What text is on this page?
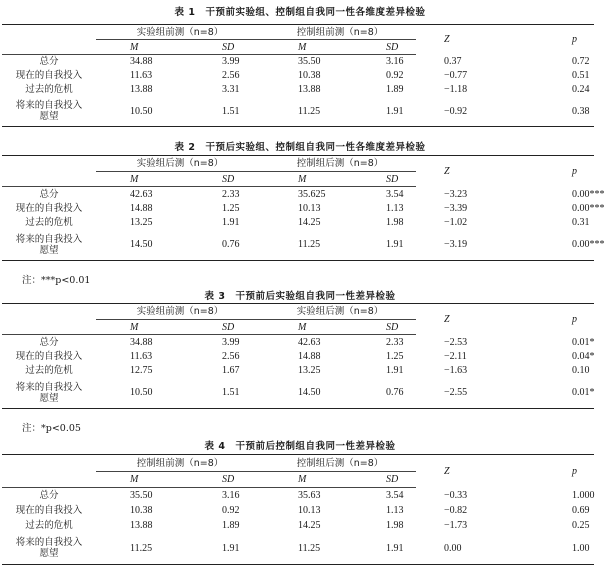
表 1　干预前实验组、控制组自我同一性各维度差异检验
	实验组前测（n=8）		控制组前测（n=8）		Z	p
	M	SD	M	SD		
总分	34.88	3.99	35.50	3.16	0.37	0.72
现在的自我投入	11.63	2.56	10.38	0.92	−0.77	0.51
过去的危机	13.88	3.31	13.88	1.89	−1.18	0.24
将来的自我投入
愿望	10.50	1.51	11.25	1.91	−0.92	0.38
表 2　干预后实验组、控制组自我同一性各维度差异检验
	实验组后测（n=8）		控制组后测（n=8）		Z	p
	M	SD	M	SD		
总分	42.63	2.33	35.625	3.54	−3.23	0.00***
现在的自我投入	14.88	1.25	10.13	1.13	−3.39	0.00***
过去的危机	13.25	1.91	14.25	1.98	−1.02	0.31
将来的自我投入
愿望	14.50	0.76	11.25	1.91	−3.19	0.00***
注：***p<0.01
表 3　干预前后实验组自我同一性差异检验
	实验组前测（n=8）		实验组后测（n=8）		Z	p
	M	SD	M	SD		
总分	34.88	3.99	42.63	2.33	−2.53	0.01*
现在的自我投入	11.63	2.56	14.88	1.25	−2.11	0.04*
过去的危机	12.75	1.67	13.25	1.91	−1.63	0.10
将来的自我投入
愿望	10.50	1.51	14.50	0.76	−2.55	0.01*
注：*p<0.05
表 4　干预前后控制组自我同一性差异检验
	控制组前测（n=8）		控制组后测（n=8）		Z	p
	M	SD	M	SD		
总分	35.50	3.16	35.63	3.54	−0.33	1.000
现在的自我投入	10.38	0.92	10.13	1.13	−0.82	0.69
过去的危机	13.88	1.89	14.25	1.98	−1.73	0.25
将来的自我投入
愿望	11.25	1.91	11.25	1.91	0.00	1.00
